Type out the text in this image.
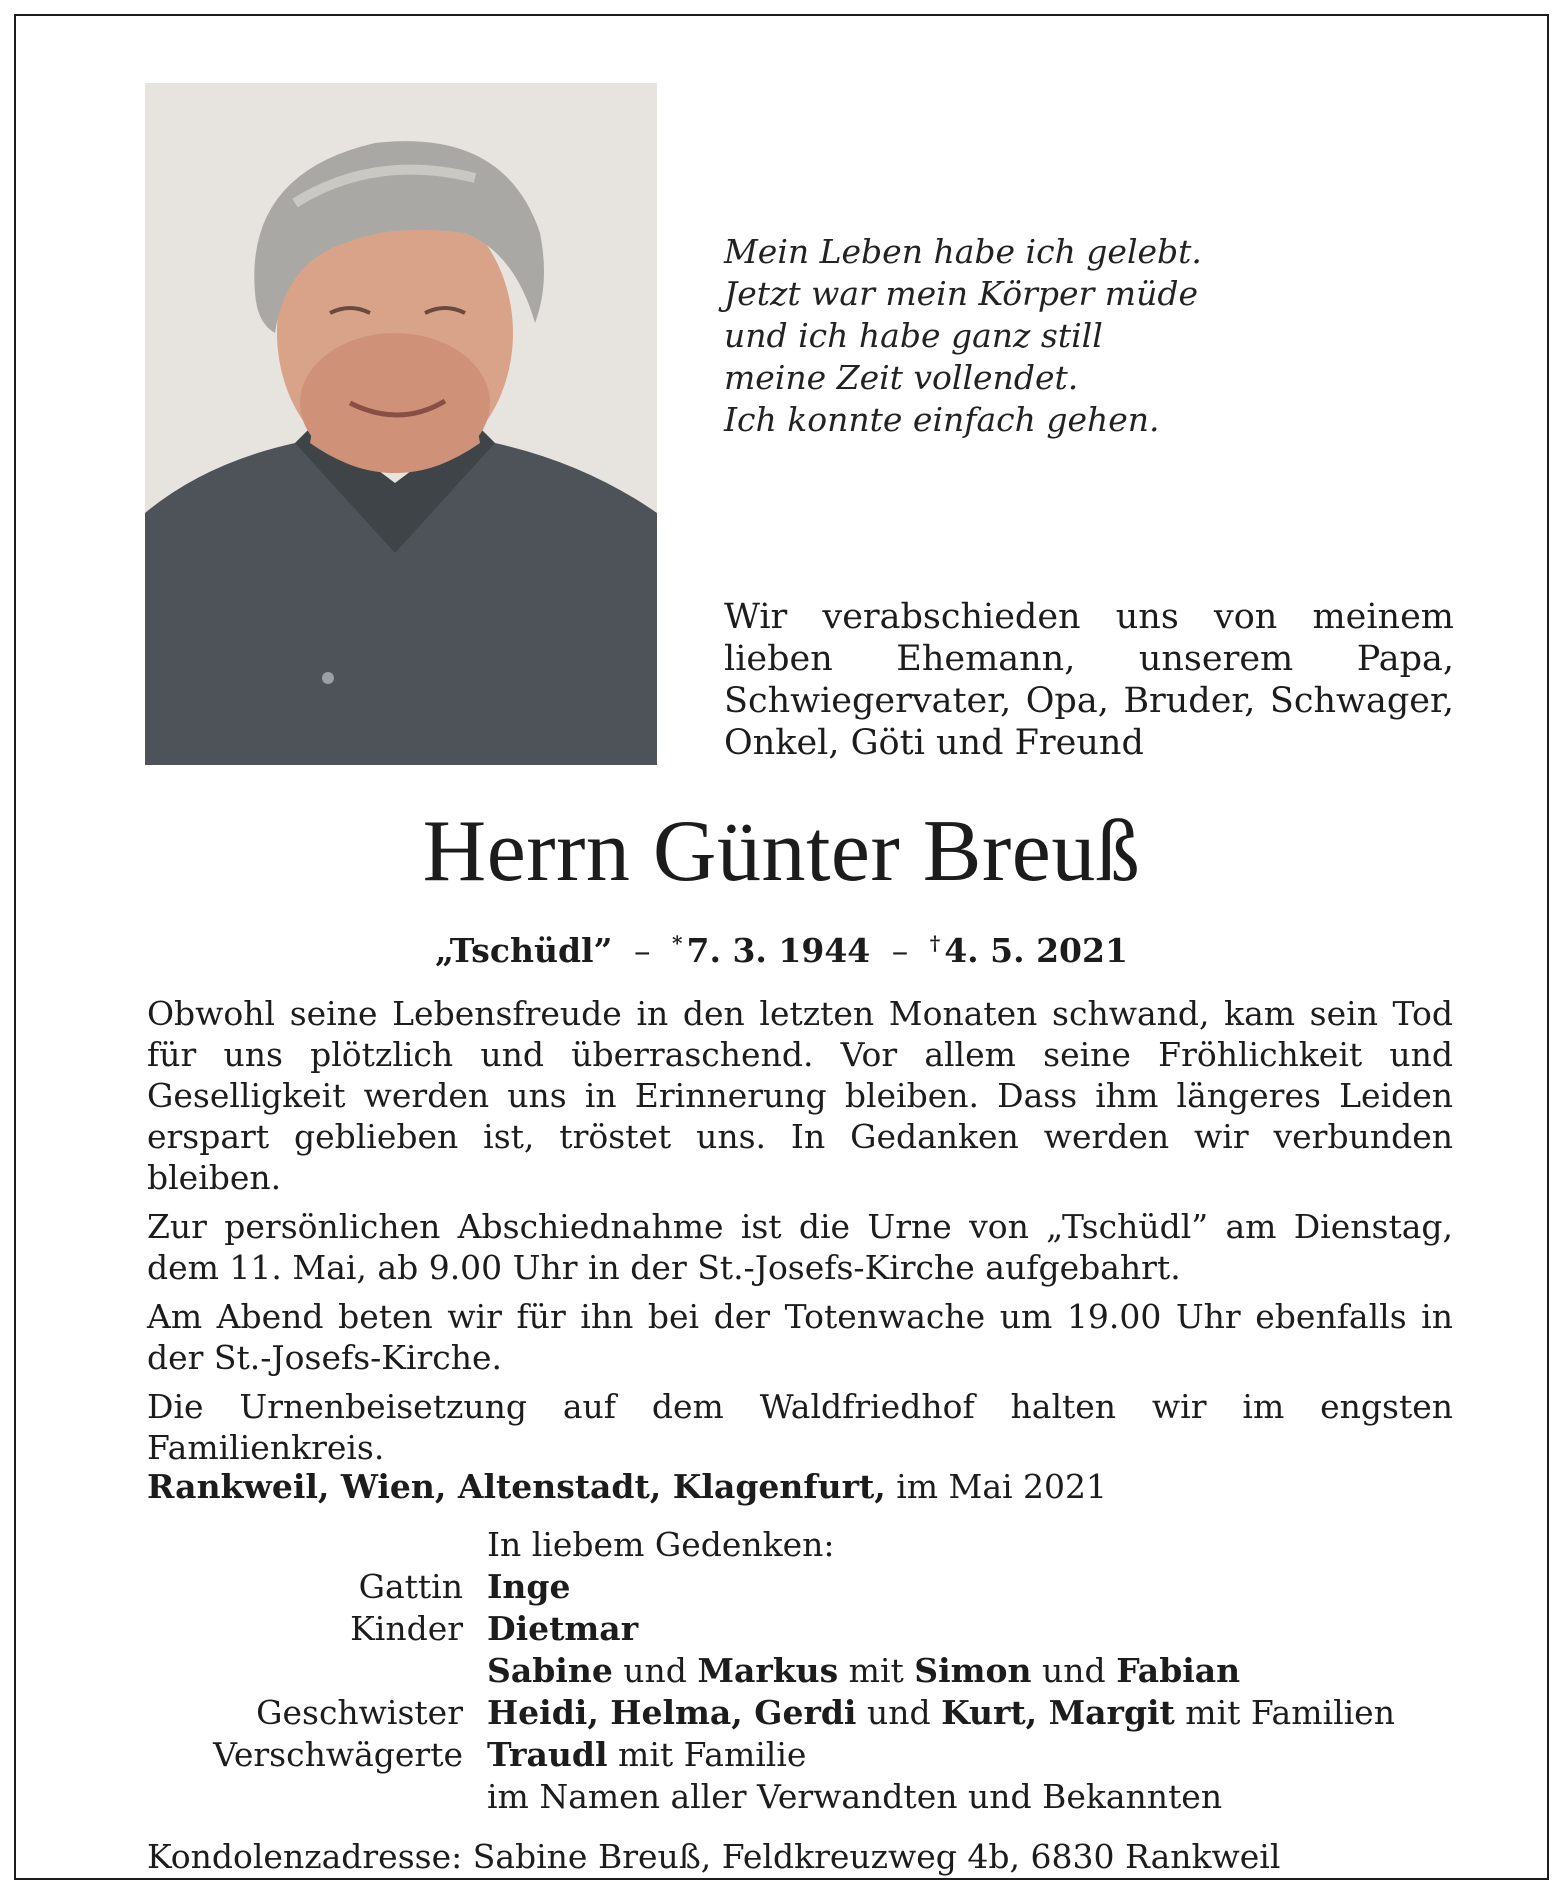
Mein Leben habe ich gelebt.
Jetzt war mein Körper müde
und ich habe ganz still
meine Zeit vollendet.
Ich konnte einfach gehen.
Wir verabschieden uns von meinem lieben Ehemann, unserem Papa, Schwiegervater, Opa, Bruder, Schwager, Onkel, Göti und Freund
Herrn Günter Breuß
„Tschüdl” – * 7. 3. 1944 – † 4. 5. 2021

Obwohl seine Lebensfreude in den letzten Monaten schwand, kam sein Tod für uns plötzlich und überraschend. Vor allem seine Fröhlichkeit und Geselligkeit werden uns in Erinnerung bleiben. Dass ihm längeres Leiden erspart geblieben ist, tröstet uns. In Gedanken werden wir verbunden bleiben.

Zur persönlichen Abschiednahme ist die Urne von „Tschüdl” am Dienstag, dem 11. Mai, ab 9.00 Uhr in der St.-Josefs-Kirche aufgebahrt.

Am Abend beten wir für ihn bei der Totenwache um 19.00 Uhr ebenfalls in der St.-Josefs-Kirche.

Die Urnenbeisetzung auf dem Waldfriedhof halten wir im engsten Familienkreis.

Rankweil, Wien, Altenstadt, Klagenfurt, im Mai 2021
In liebem Gedenken:
Gattin Inge
Kinder Dietmar
Sabine und Markus mit Simon und Fabian
Geschwister Heidi, Helma, Gerdi und Kurt, Margit mit Familien
Verschwägerte Traudl mit Familie
im Namen aller Verwandten und Bekannten
Kondolenzadresse: Sabine Breuß, Feldkreuzweg 4b, 6830 Rankweil
